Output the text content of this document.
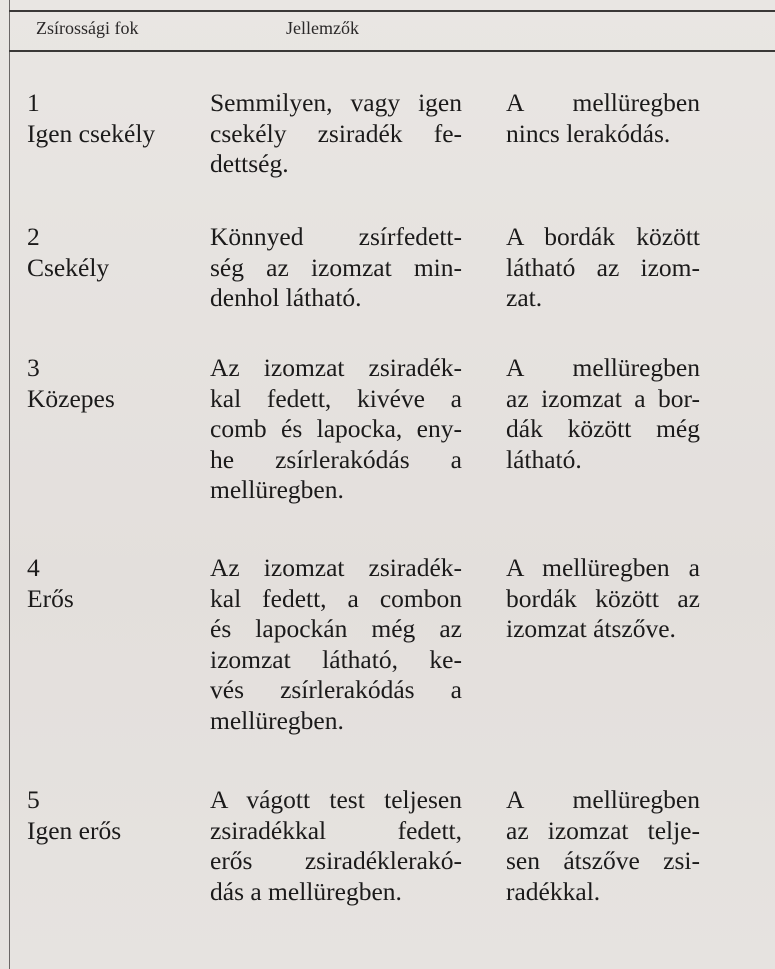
Zsírossági fok	Jellemzők
1
Igen csekély
Semmilyen, vagy igen
csekély zsiradék fe-
dettség.
A mellüregben
nincs lerakódás.
2
Csekély
Könnyed zsírfedett-
ség az izomzat min-
denhol látható.
A bordák között
látható az izom-
zat.
3
Közepes
Az izomzat zsiradék-
kal fedett, kivéve a
comb és lapocka, eny-
he zsírlerakódás a
mellüregben.
A mellüregben
az izomzat a bor-
dák között még
látható.
4
Erős
Az izomzat zsiradék-
kal fedett, a combon
és lapockán még az
izomzat látható, ke-
vés zsírlerakódás a
mellüregben.
A mellüregben a
bordák között az
izomzat átszőve.
5
Igen erős
A vágott test teljesen
zsiradékkal fedett,
erős zsiradéklerakó-
dás a mellüregben.
A mellüregben
az izomzat telje-
sen átszőve zsi-
radékkal.
